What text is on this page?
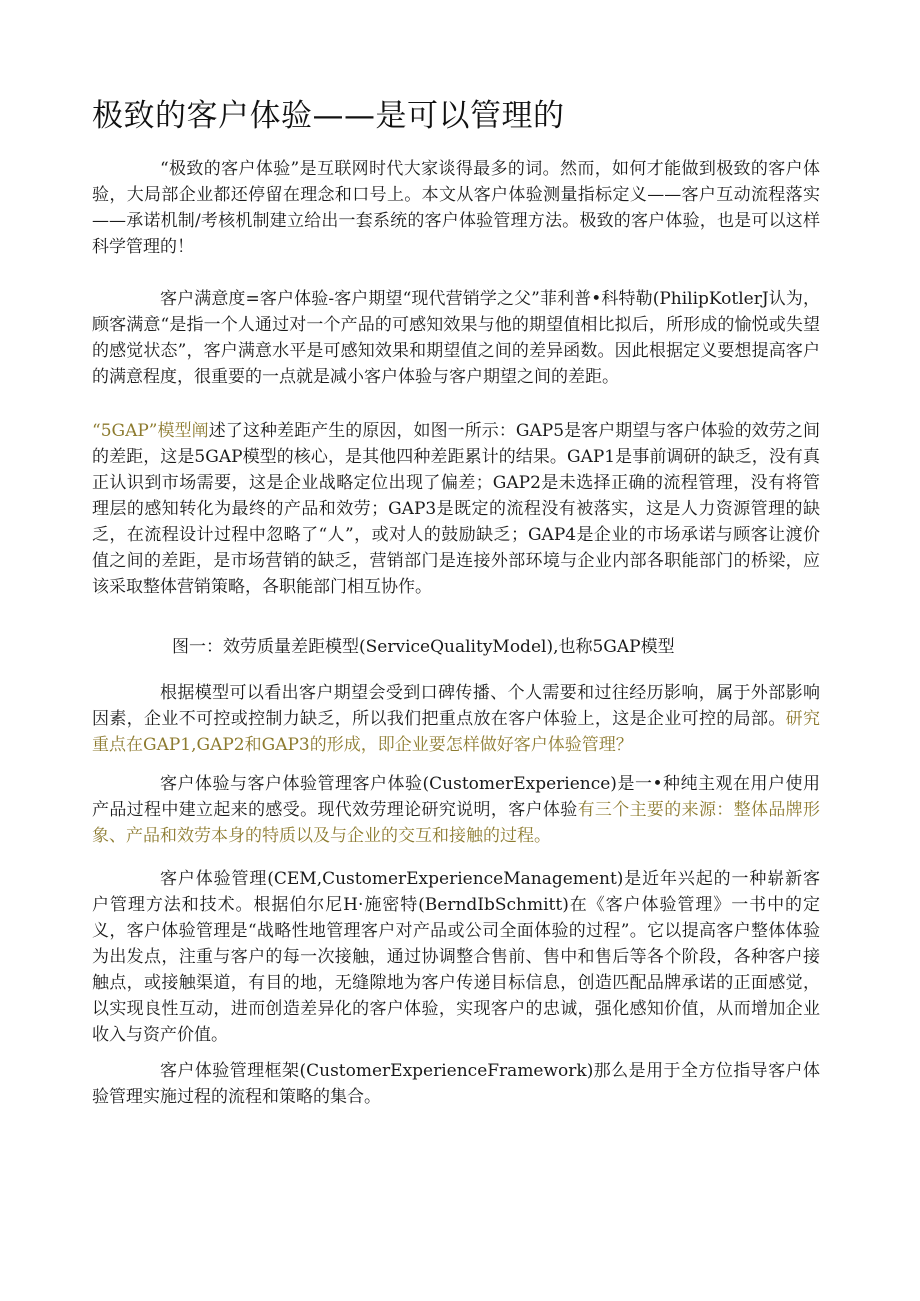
极致的客户体验——是可以管理的

“极致的客户体验”是互联网时代大家谈得最多的词。然而，如何才能做到极致的客户体验，大局部企业都还停留在理念和口号上。本文从客户体验测量指标定义——客户互动流程落实——承诺机制/考核机制建立给出一套系统的客户体验管理方法。极致的客户体验，也是可以这样科学管理的！

客户满意度=客户体验-客户期望“现代营销学之父”菲利普•科特勒(PhilipKotlerJ认为，顾客满意“是指一个人通过对一个产品的可感知效果与他的期望值相比拟后，所形成的愉悦或失望的感觉状态”，客户满意水平是可感知效果和期望值之间的差异函数。因此根据定义要想提高客户的满意程度，很重要的一点就是减小客户体验与客户期望之间的差距。

“5GAP”模型阐述了这种差距产生的原因，如图一所示：GAP5是客户期望与客户体验的效劳之间的差距，这是5GAP模型的核心，是其他四种差距累计的结果。GAP1是事前调研的缺乏，没有真正认识到市场需要，这是企业战略定位出现了偏差；GAP2是未选择正确的流程管理，没有将管理层的感知转化为最终的产品和效劳；GAP3是既定的流程没有被落实，这是人力资源管理的缺乏，在流程设计过程中忽略了“人”，或对人的鼓励缺乏；GAP4是企业的市场承诺与顾客让渡价值之间的差距，是市场营销的缺乏，营销部门是连接外部环境与企业内部各职能部门的桥梁，应该采取整体营销策略，各职能部门相互协作。

图一：效劳质量差距模型(ServiceQualityModel),也称5GAP模型

根据模型可以看出客户期望会受到口碑传播、个人需要和过往经历影响，属于外部影响因素，企业不可控或控制力缺乏，所以我们把重点放在客户体验上，这是企业可控的局部。研究重点在GAP1,GAP2和GAP3的形成，即企业要怎样做好客户体验管理？

客户体验与客户体验管理客户体验(CustomerExperience)是一•种纯主观在用户使用产品过程中建立起来的感受。现代效劳理论研究说明，客户体验有三个主要的来源：整体品牌形象、产品和效劳本身的特质以及与企业的交互和接触的过程。

客户体验管理(CEM,CustomerExperienceManagement)是近年兴起的一种崭新客户管理方法和技术。根据伯尔尼H·施密特(BerndIbSchmitt)在《客户体验管理》一书中的定义，客户体验管理是“战略性地管理客户对产品或公司全面体验的过程”。它以提高客户整体体验为出发点，注重与客户的每一次接触，通过协调整合售前、售中和售后等各个阶段，各种客户接触点，或接触渠道，有目的地，无缝隙地为客户传递目标信息，创造匹配品牌承诺的正面感觉，以实现良性互动，进而创造差异化的客户体验，实现客户的忠诚，强化感知价值，从而增加企业收入与资产价值。

客户体验管理框架(CustomerExperienceFramework)那么是用于全方位指导客户体验管理实施过程的流程和策略的集合。
